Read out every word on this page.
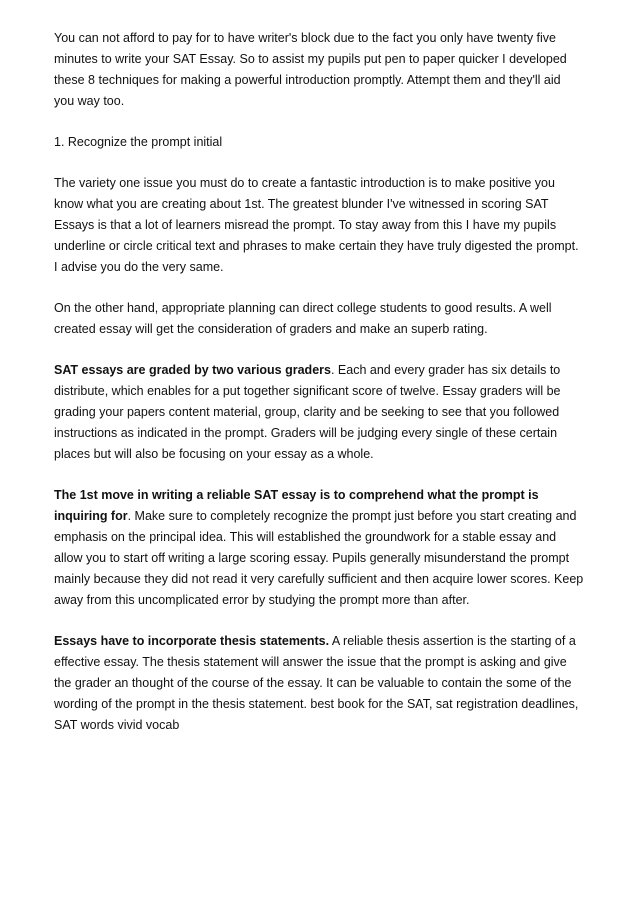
You can not afford to pay for to have writer's block due to the fact you only have twenty five minutes to write your SAT Essay. So to assist my pupils put pen to paper quicker I developed these 8 techniques for making a powerful introduction promptly. Attempt them and they'll aid you way too.

1. Recognize the prompt initial

The variety one issue you must do to create a fantastic introduction is to make positive you know what you are creating about 1st. The greatest blunder I've witnessed in scoring SAT Essays is that a lot of learners misread the prompt. To stay away from this I have my pupils underline or circle critical text and phrases to make certain they have truly digested the prompt. I advise you do the very same.

On the other hand, appropriate planning can direct college students to good results. A well created essay will get the consideration of graders and make an superb rating.

SAT essays are graded by two various graders. Each and every grader has six details to distribute, which enables for a put together significant score of twelve. Essay graders will be grading your papers content material, group, clarity and be seeking to see that you followed instructions as indicated in the prompt. Graders will be judging every single of these certain places but will also be focusing on your essay as a whole.

The 1st move in writing a reliable SAT essay is to comprehend what the prompt is inquiring for. Make sure to completely recognize the prompt just before you start creating and emphasis on the principal idea. This will established the groundwork for a stable essay and allow you to start off writing a large scoring essay. Pupils generally misunderstand the prompt mainly because they did not read it very carefully sufficient and then acquire lower scores. Keep away from this uncomplicated error by studying the prompt more than after.

Essays have to incorporate thesis statements. A reliable thesis assertion is the starting of a effective essay. The thesis statement will answer the issue that the prompt is asking and give the grader an thought of the course of the essay. It can be valuable to contain the some of the wording of the prompt in the thesis statement. best book for the SAT, sat registration deadlines, SAT words vivid vocab
